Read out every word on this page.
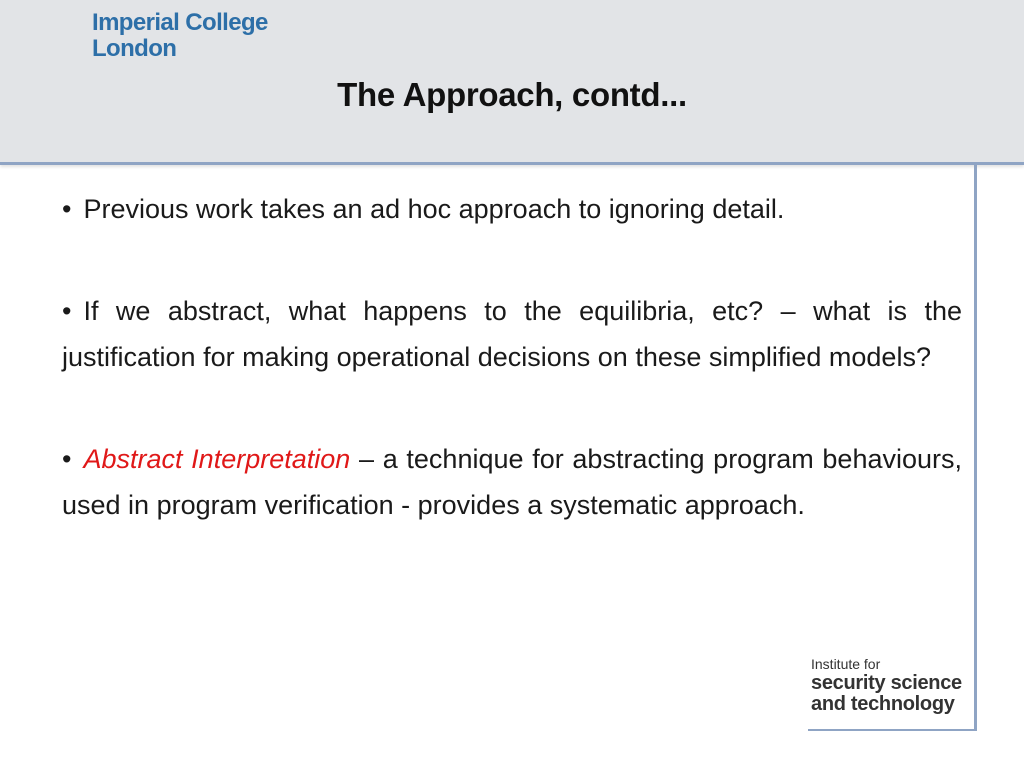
Imperial College
London
The Approach, contd...

• Previous work takes an ad hoc approach to ignoring detail.

• If we abstract, what happens to the equilibria, etc? – what is the justification for making operational decisions on these simplified models?

• Abstract Interpretation – a technique for abstracting program behaviours, used in program verification - provides a systematic approach.

Institute for
security science
and technology
